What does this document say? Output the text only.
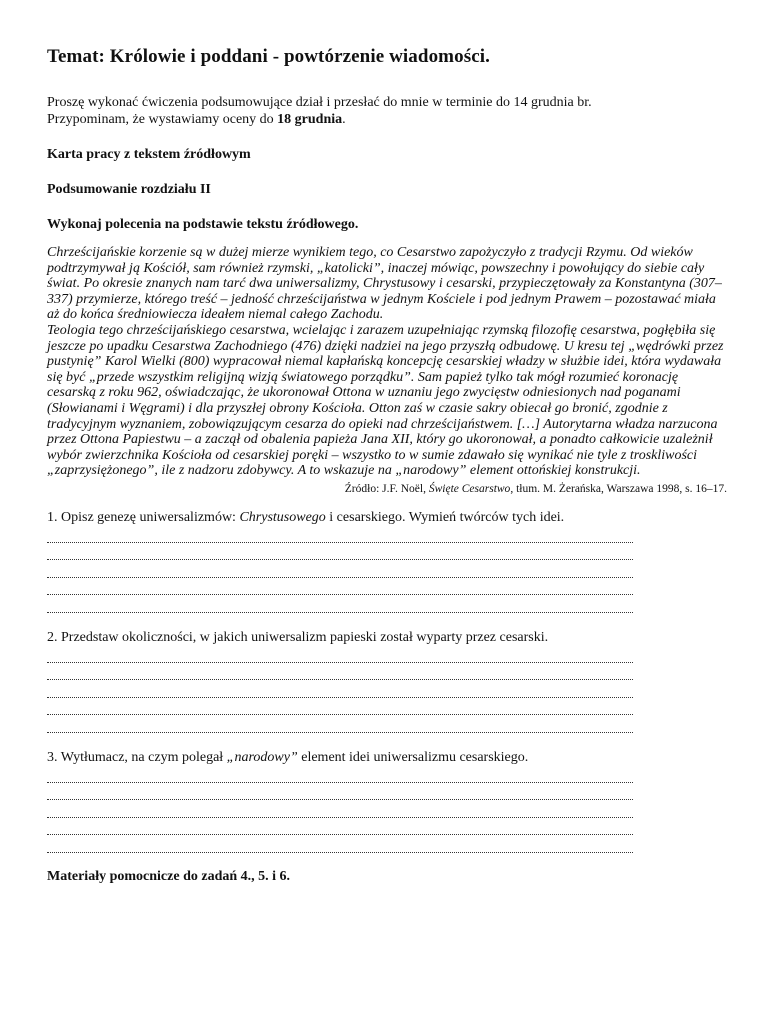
Temat: Królowie i poddani - powtórzenie wiadomości.
Proszę wykonać ćwiczenia podsumowujące dział i przesłać do mnie w terminie do 14 grudnia br.
Przypominam, że wystawiamy oceny do 18 grudnia.
Karta pracy z tekstem źródłowym
Podsumowanie rozdziału II
Wykonaj polecenia na podstawie tekstu źródłowego.

Chrześcijańskie korzenie są w dużej mierze wynikiem tego, co Cesarstwo zapożyczyło z tradycji Rzymu. Od wieków podtrzymywał ją Kościół, sam również rzymski, „katolicki”, inaczej mówiąc, powszechny i powołujący do siebie cały świat. Po okresie znanych nam tarć dwa uniwersalizmy, Chrystusowy i cesarski, przypieczętowały za Konstantyna (307–337) przymierze, którego treść – jedność chrześcijaństwa w jednym Kościele i pod jednym Prawem – pozostawać miała aż do końca średniowiecza ideałem niemal całego Zachodu.

Teologia tego chrześcijańskiego cesarstwa, wcielając i zarazem uzupełniając rzymską filozofię cesarstwa, pogłębiła się jeszcze po upadku Cesarstwa Zachodniego (476) dzięki nadziei na jego przyszłą odbudowę. U kresu tej „wędrówki przez pustynię” Karol Wielki (800) wypracował niemal kapłańską koncepcję cesarskiej władzy w służbie idei, która wydawała się być „przede wszystkim religijną wizją światowego porządku”. Sam papież tylko tak mógł rozumieć koronację cesarską z roku 962, oświadczając, że ukoronował Ottona w uznaniu jego zwycięstw odniesionych nad poganami (Słowianami i Węgrami) i dla przyszłej obrony Kościoła. Otton zaś w czasie sakry obiecał go bronić, zgodnie z tradycyjnym wyznaniem, zobowiązującym cesarza do opieki nad chrześcijaństwem. […] Autorytarna władza narzucona przez Ottona Papiestwu – a zaczął od obalenia papieża Jana XII, który go ukoronował, a ponadto całkowicie uzależnił wybór zwierzchnika Kościoła od cesarskiej poręki – wszystko to w sumie zdawało się wynikać nie tyle z troskliwości „zaprzysiężonego”, ile z nadzoru zdobywcy. A to wskazuje na „narodowy” element ottońskiej konstrukcji.

Źródło: J.F. Noël, Święte Cesarstwo, tłum. M. Żerańska, Warszawa 1998, s. 16–17.
1. Opisz genezę uniwersalizmów: Chrystusowego i cesarskiego. Wymień twórców tych idei.
2. Przedstaw okoliczności, w jakich uniwersalizm papieski został wyparty przez cesarski.
3. Wytłumacz, na czym polegał „narodowy” element idei uniwersalizmu cesarskiego.
Materiały pomocnicze do zadań 4., 5. i 6.
